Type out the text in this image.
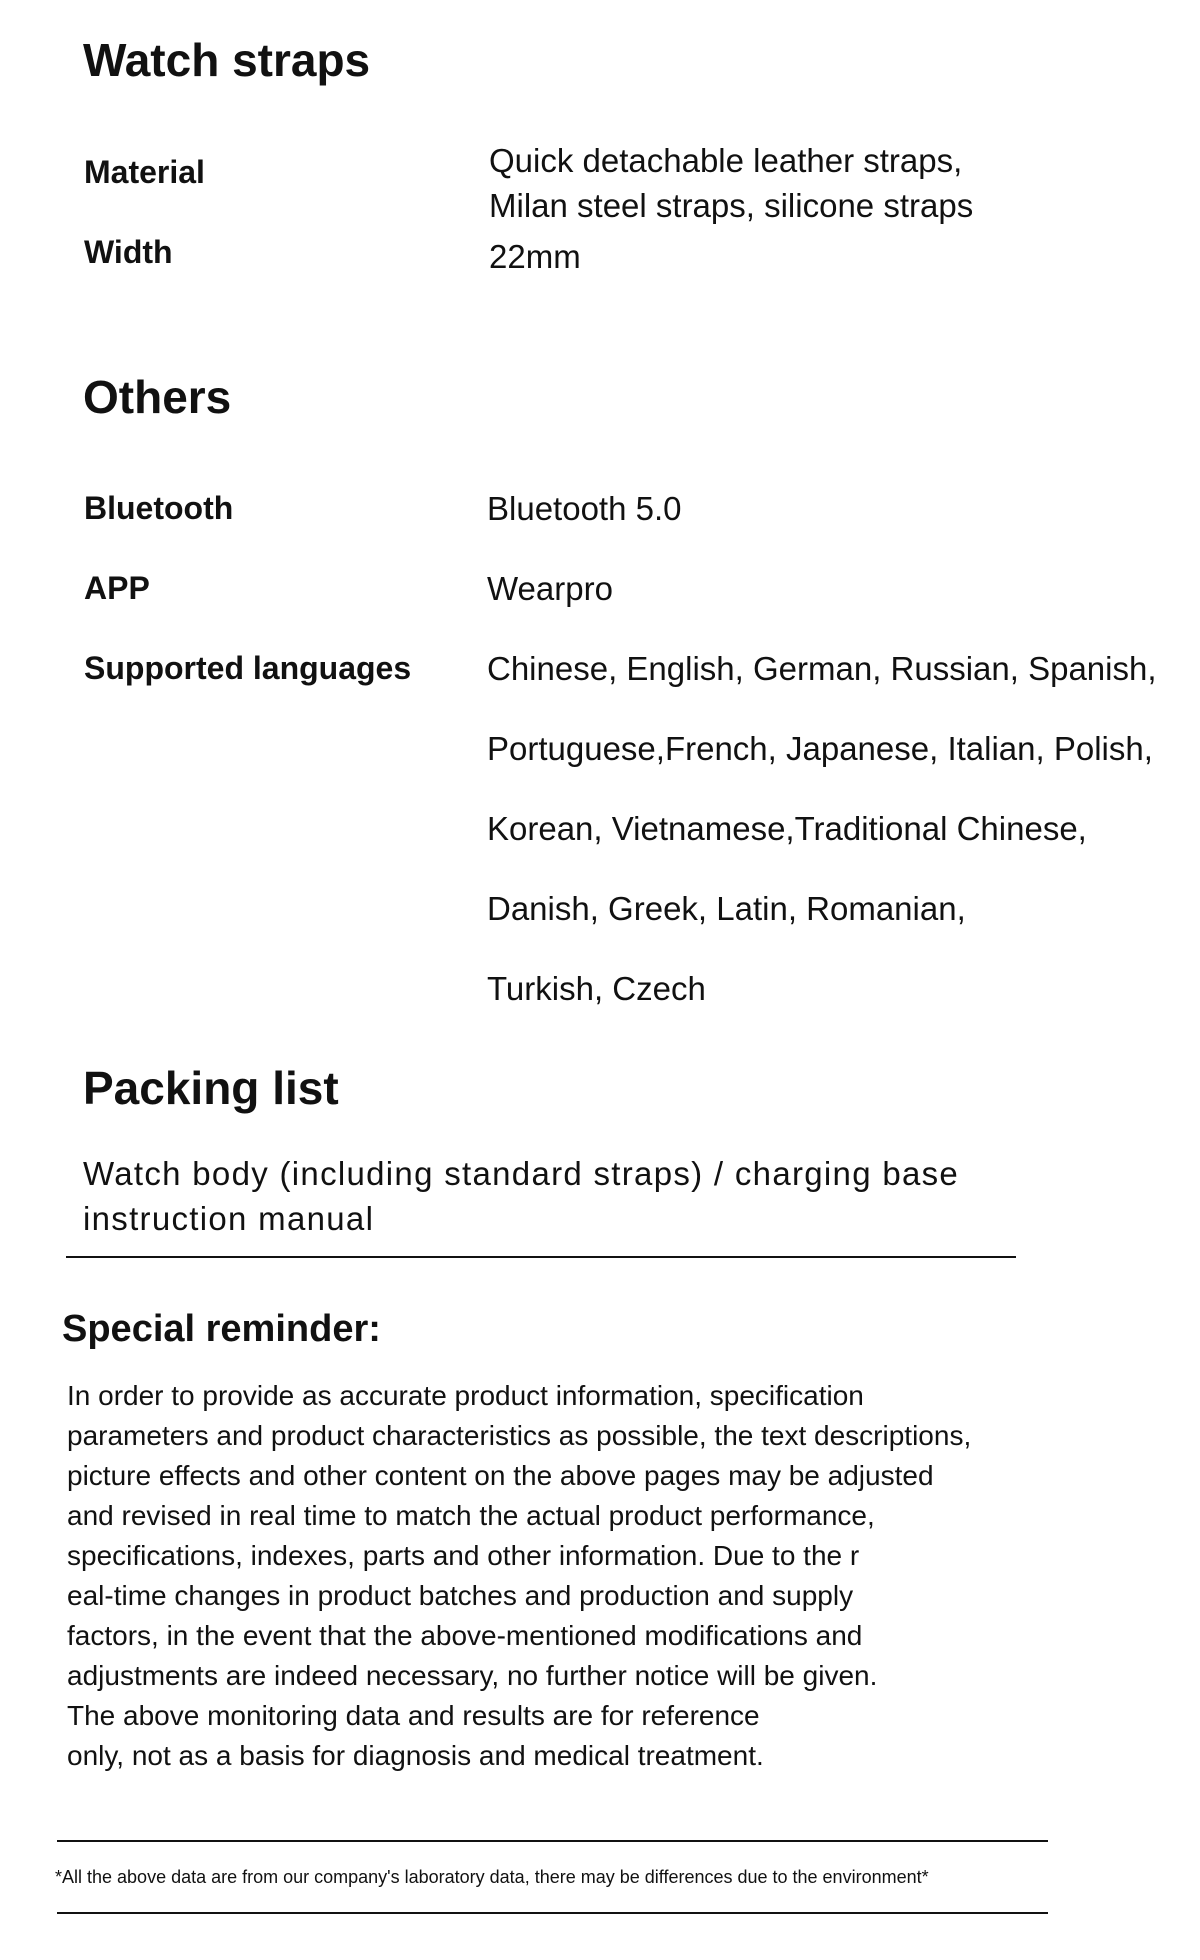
Watch straps
Material	Quick detachable leather straps,
Milan steel straps, silicone straps
Width	22mm
Others
Bluetooth	Bluetooth 5.0
APP	Wearpro
Supported languages Chinese, English, German, Russian, Spanish,
Portuguese,French, Japanese, Italian, Polish,
Korean, Vietnamese,Traditional Chinese,
Danish, Greek, Latin, Romanian,
Turkish, Czech
Packing list
Watch body (including standard straps) / charging base
instruction manual
Special reminder:
In order to provide as accurate product information, specification
parameters and product characteristics as possible, the text descriptions,
picture effects and other content on the above pages may be adjusted
and revised in real time to match the actual product performance,
specifications, indexes, parts and other information. Due to the r
eal-time changes in product batches and production and supply
factors, in the event that the above-mentioned modifications and
adjustments are indeed necessary, no further notice will be given.
The above monitoring data and results are for reference
only, not as a basis for diagnosis and medical treatment.
*All the above data are from our company's laboratory data, there may be differences due to the environment*
